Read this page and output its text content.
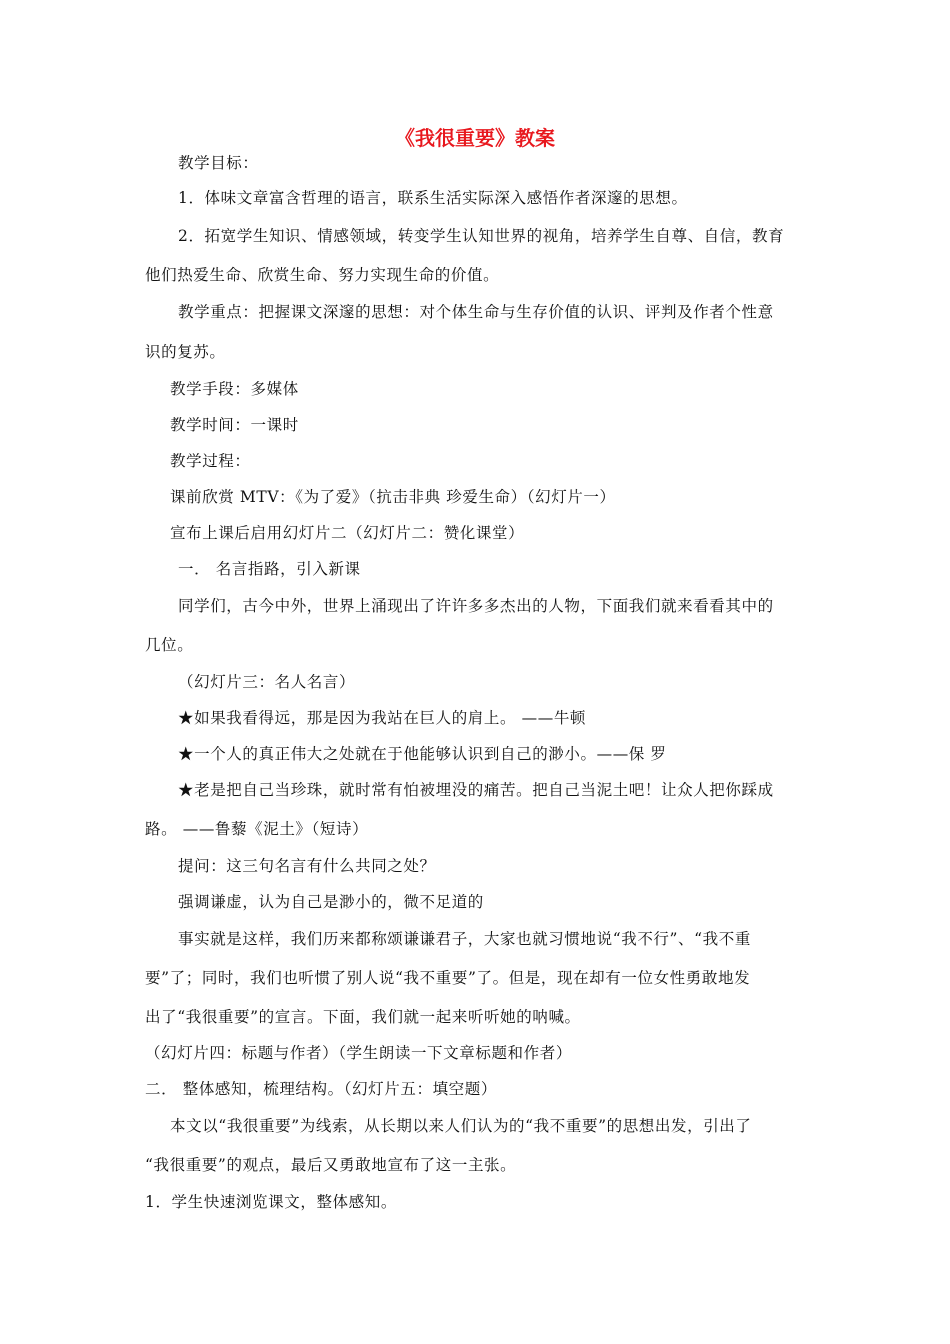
《我很重要》教案
教学目标：
1．体味文章富含哲理的语言，联系生活实际深入感悟作者深邃的思想。
2．拓宽学生知识、情感领域，转变学生认知世界的视角，培养学生自尊、自信，教育
他们热爱生命、欣赏生命、努力实现生命的价值。
教学重点：把握课文深邃的思想：对个体生命与生存价值的认识、评判及作者个性意
识的复苏。
教学手段：多媒体
教学时间：一课时
教学过程：
课前欣赏 MTV：《为了爱》（抗击非典 珍爱生命）（幻灯片一）
宣布上课后启用幻灯片二（幻灯片二：赞化课堂）
一． 名言指路，引入新课
同学们，古今中外，世界上涌现出了许许多多杰出的人物，下面我们就来看看其中的
几位。
（幻灯片三：名人名言）
★如果我看得远，那是因为我站在巨人的肩上。 ——牛顿
★一个人的真正伟大之处就在于他能够认识到自己的渺小。——保 罗
★老是把自己当珍珠，就时常有怕被埋没的痛苦。把自己当泥土吧！让众人把你踩成
路。 ——鲁藜《泥土》（短诗）
提问：这三句名言有什么共同之处？
强调谦虚，认为自己是渺小的，微不足道的
事实就是这样，我们历来都称颂谦谦君子，大家也就习惯地说“我不行”、“我不重
要”了；同时，我们也听惯了别人说“我不重要”了。但是，现在却有一位女性勇敢地发
出了“我很重要”的宣言。下面，我们就一起来听听她的呐喊。
（幻灯片四：标题与作者）（学生朗读一下文章标题和作者）
二． 整体感知，梳理结构。（幻灯片五：填空题）
本文以“我很重要”为线索，从长期以来人们认为的“我不重要”的思想出发，引出了
“我很重要”的观点，最后又勇敢地宣布了这一主张。
1．学生快速浏览课文，整体感知。
